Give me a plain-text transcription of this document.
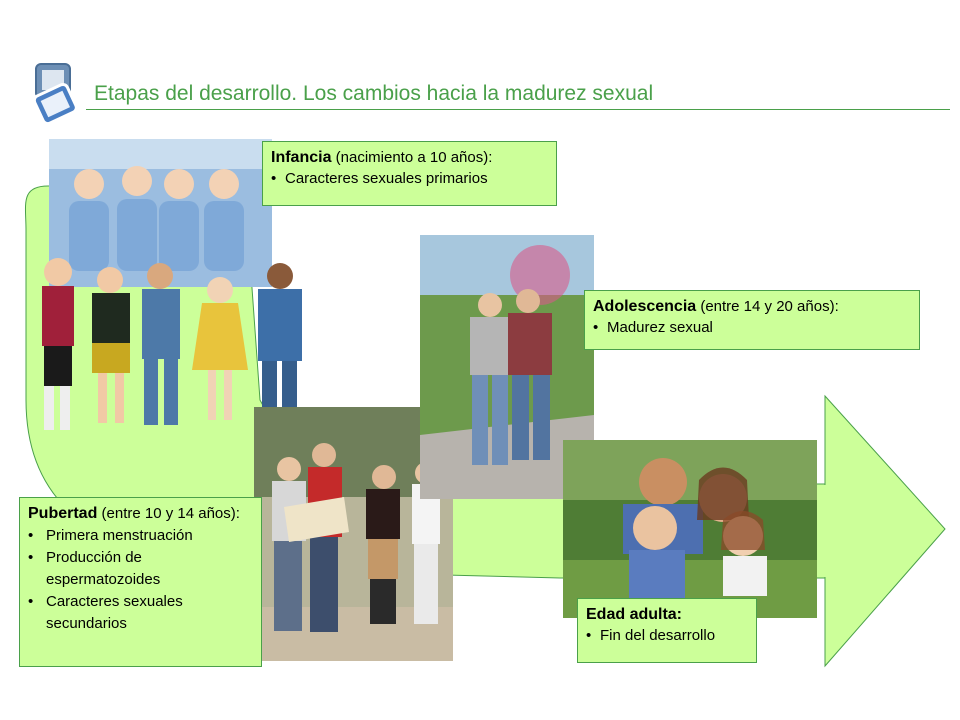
Etapas del desarrollo. Los cambios hacia la madurez sexual
Infancia (nacimiento a 10 años):
• Caracteres sexuales primarios
Adolescencia (entre 14 y 20 años):
• Madurez sexual
Pubertad (entre 10 y 14 años):
• Primera menstruación
• Producción de espermatozoides
• Caracteres sexuales secundarios
Edad adulta:
• Fin del desarrollo
